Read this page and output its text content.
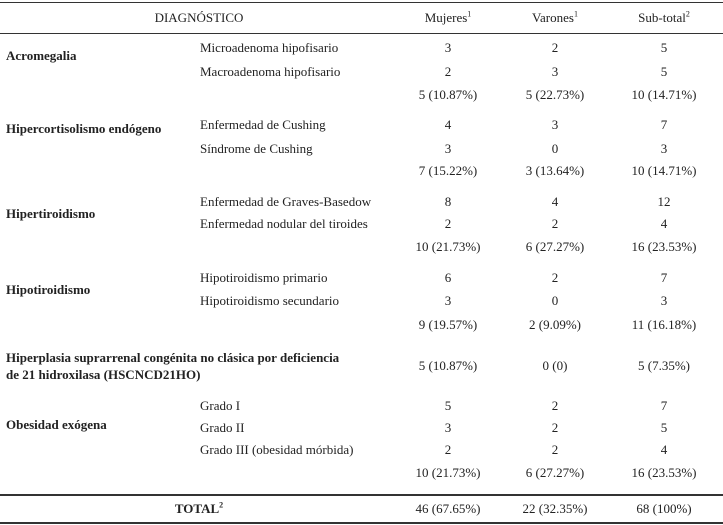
DIAGNÓSTICO	Mujeres$^1$	Varones$^1$	Sub-total$^2$
Acromegalia
Microadenoma hipofisario	3	2	5
Macroadenoma hipofisario	2	3	5
5 (10.87%)	5 (22.73%)	10 (14.71%)
Hipercortisolismo endógeno	Enfermedad de Cushing	4	3	7
Síndrome de Cushing	3	0	3
7 (15.22%)	3 (13.64%)	10 (14.71%)
Hipertiroidismo
Enfermedad de Graves-Basedow	8	4	12
Enfermedad nodular del tiroides	2	2	4
10 (21.73%)	6 (27.27%)	16 (23.53%)
Hipotiroidismo
Hipotiroidismo primario	6	2	7
Hipotiroidismo secundario	3	0	3
9 (19.57%)	2 (9.09%)	11 (16.18%)
Hiperplasia suprarrenal congénita no clásica por deficiencia
de 21 hidroxilasa (HSCNCD21HO)
5 (10.87%)	0 (0)	5 (7.35%)
Obesidad exógena
Grado I	5	2	7
Grado II	3	2	5
Grado III (obesidad mórbida)	2	2	4
10 (21.73%)	6 (27.27%)	16 (23.53%)
TOTAL$^2$	46 (67.65%)	22 (32.35%)	68 (100%)
